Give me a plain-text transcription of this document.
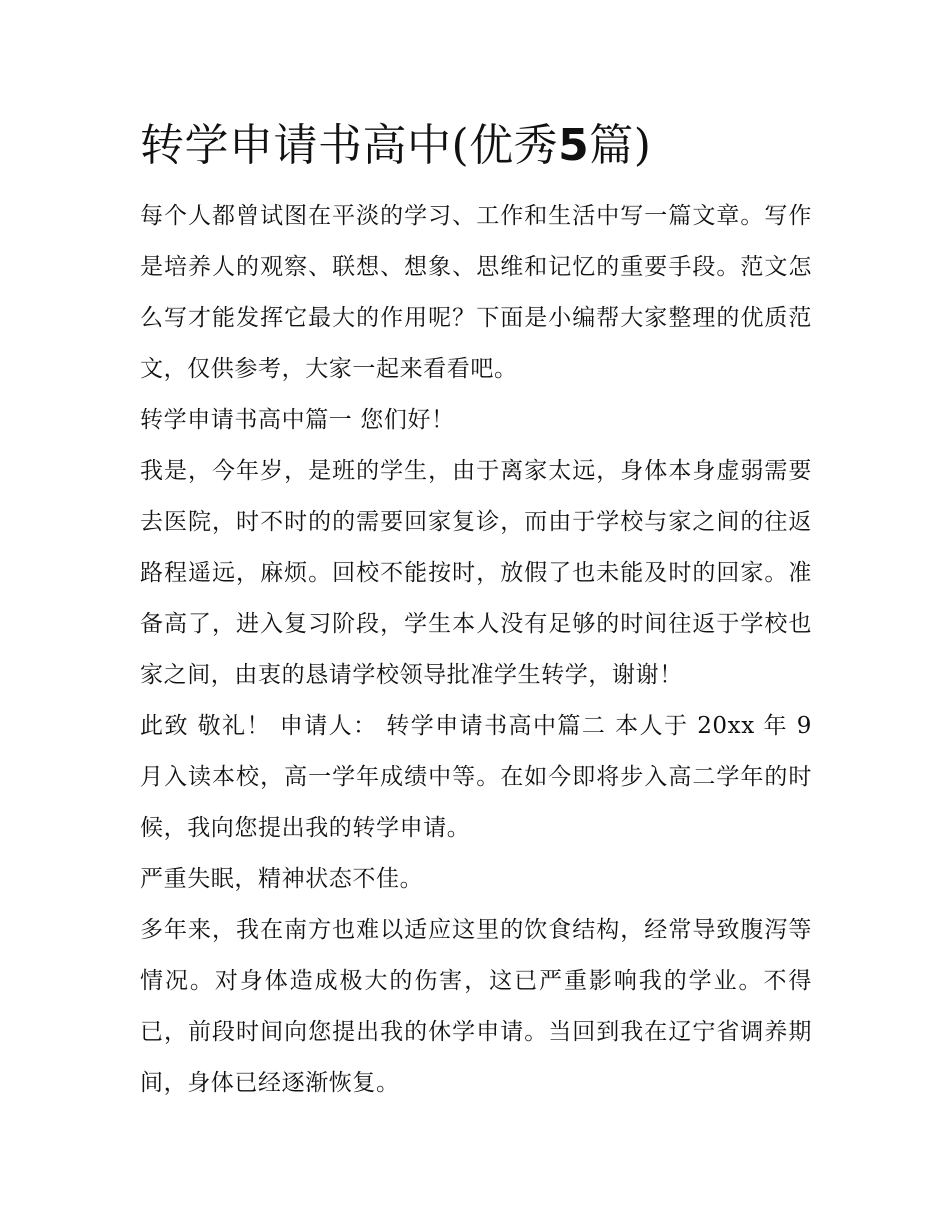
转学申请书高中(优秀5篇)

每个人都曾试图在平淡的学习、工作和生活中写一篇文章。写作是培养人的观察、联想、想象、思维和记忆的重要手段。范文怎么写才能发挥它最大的作用呢？下面是小编帮大家整理的优质范文，仅供参考，大家一起来看看吧。

转学申请书高中篇一 您们好！

我是，今年岁，是班的学生，由于离家太远，身体本身虚弱需要去医院，时不时的的需要回家复诊，而由于学校与家之间的往返路程遥远，麻烦。回校不能按时，放假了也未能及时的回家。准备高了，进入复习阶段，学生本人没有足够的时间往返于学校也家之间，由衷的恳请学校领导批准学生转学，谢谢！

此致 敬礼！ 申请人： 转学申请书高中篇二 本人于 20xx 年 9 月入读本校，高一学年成绩中等。在如今即将步入高二学年的时候，我向您提出我的转学申请。

严重失眠，精神状态不佳。

多年来，我在南方也难以适应这里的饮食结构，经常导致腹泻等情况。对身体造成极大的伤害，这已严重影响我的学业。不得已，前段时间向您提出我的休学申请。当回到我在辽宁省调养期间，身体已经逐渐恢复。
